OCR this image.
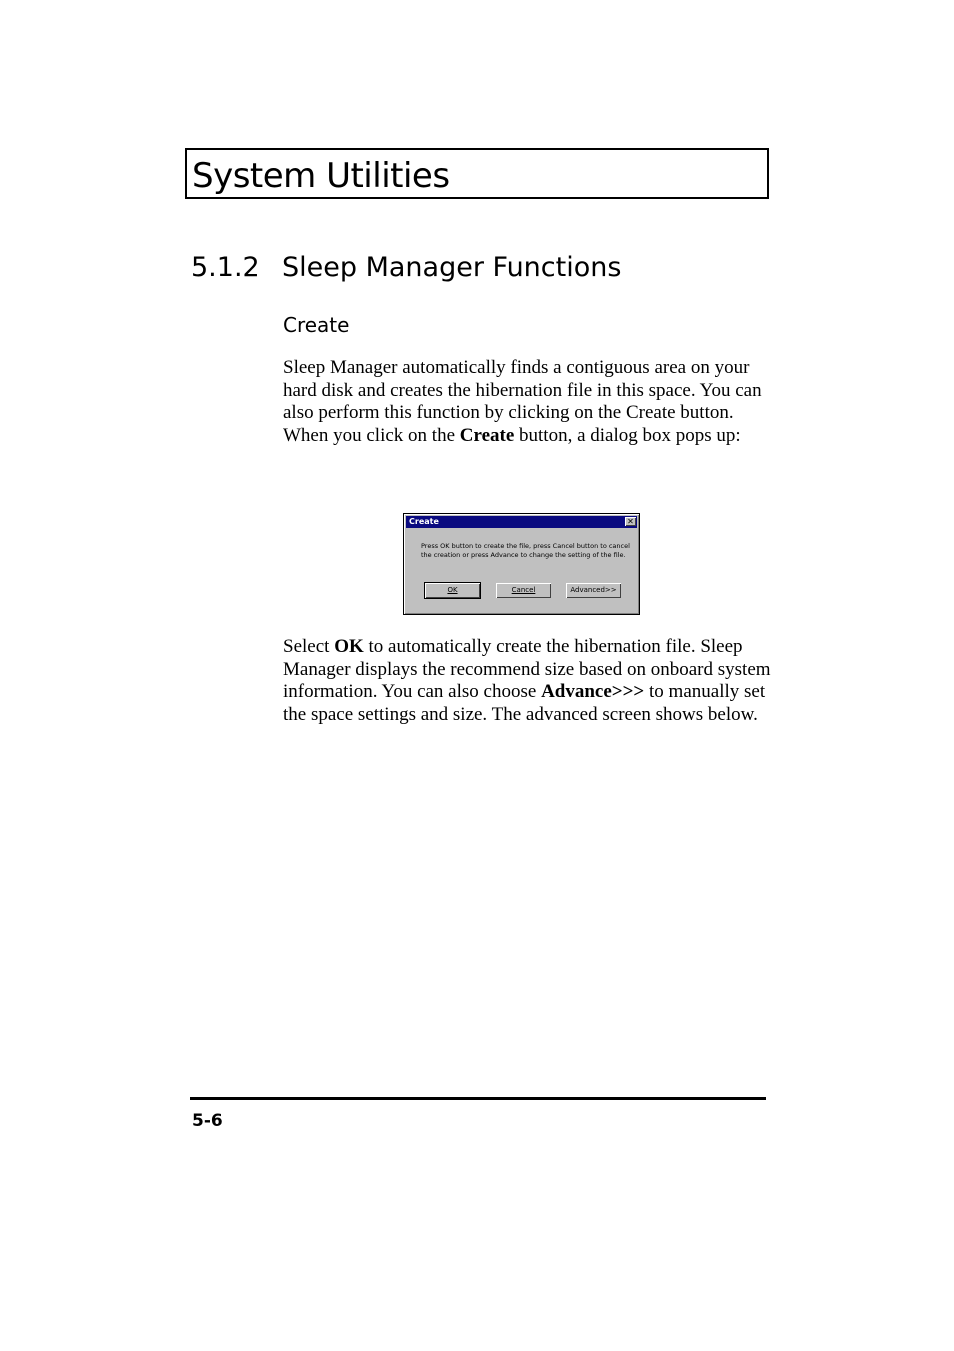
System Utilities
5.1.2 Sleep Manager Functions
Create
Sleep Manager automatically finds a contiguous area on your hard disk and creates the hibernation file in this space. You can also perform this function by clicking on the Create button. When you click on the Create button, a dialog box pops up:
Create	✕
Press OK button to create the file, press Cancel button to cancel the creation or press Advance to change the setting of the file.
OK	Cancel	Advanced>>
Select OK to automatically create the hibernation file. Sleep Manager displays the recommend size based on onboard system information. You can also choose Advance>>> to manually set the space settings and size. The advanced screen shows below.
5-6
